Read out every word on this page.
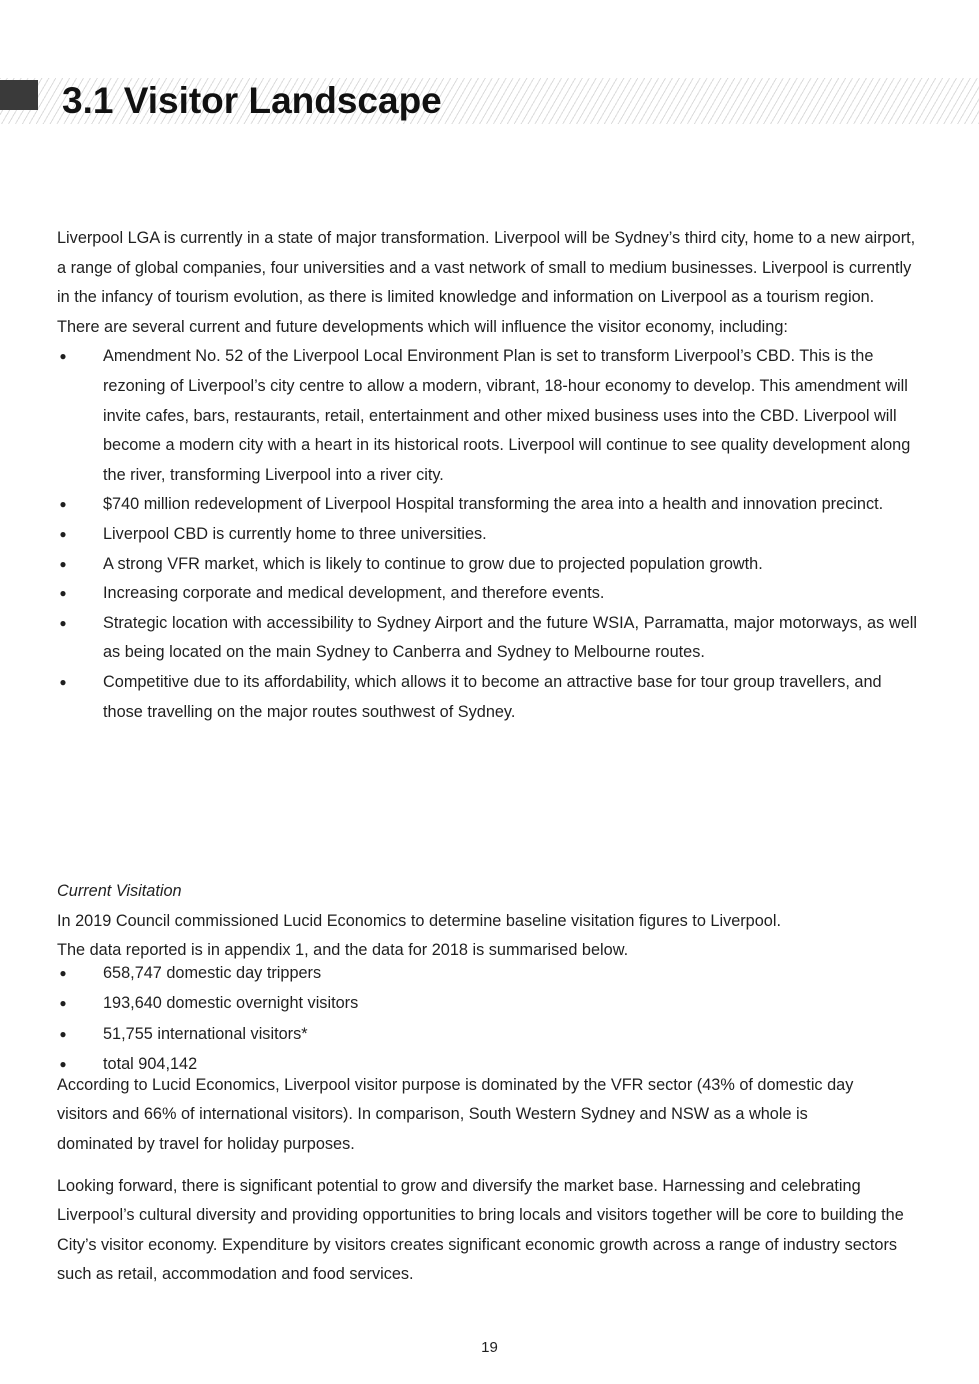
3.1 Visitor Landscape

Liverpool LGA is currently in a state of major transformation. Liverpool will be Sydney’s third city, home to a new airport, a range of global companies, four universities and a vast network of small to medium businesses. Liverpool is currently in the infancy of tourism evolution, as there is limited knowledge and information on Liverpool as a tourism region. There are several current and future developments which will influence the visitor economy, including:

● Amendment No. 52 of the Liverpool Local Environment Plan is set to transform Liverpool’s CBD. This is the rezoning of Liverpool’s city centre to allow a modern, vibrant, 18-hour economy to develop. This amendment will invite cafes, bars, restaurants, retail, entertainment and other mixed business uses into the CBD. Liverpool will become a modern city with a heart in its historical roots. Liverpool will continue to see quality development along the river, transforming Liverpool into a river city.
● $740 million redevelopment of Liverpool Hospital transforming the area into a health and innovation precinct.
● Liverpool CBD is currently home to three universities.
● A strong VFR market, which is likely to continue to grow due to projected population growth.
● Increasing corporate and medical development, and therefore events.
● Strategic location with accessibility to Sydney Airport and the future WSIA, Parramatta, major motorways, as well as being located on the main Sydney to Canberra and Sydney to Melbourne routes.
● Competitive due to its affordability, which allows it to become an attractive base for tour group travellers, and those travelling on the major routes southwest of Sydney.

Current Visitation

In 2019 Council commissioned Lucid Economics to determine baseline visitation figures to Liverpool. The data reported is in appendix 1, and the data for 2018 is summarised below.

● 658,747 domestic day trippers
● 193,640 domestic overnight visitors
● 51,755 international visitors*
● total 904,142

According to Lucid Economics, Liverpool visitor purpose is dominated by the VFR sector (43% of domestic day visitors and 66% of international visitors). In comparison, South Western Sydney and NSW as a whole is dominated by travel for holiday purposes.

Looking forward, there is significant potential to grow and diversify the market base. Harnessing and celebrating Liverpool’s cultural diversity and providing opportunities to bring locals and visitors together will be core to building the City’s visitor economy. Expenditure by visitors creates significant economic growth across a range of industry sectors such as retail, accommodation and food services.

19
